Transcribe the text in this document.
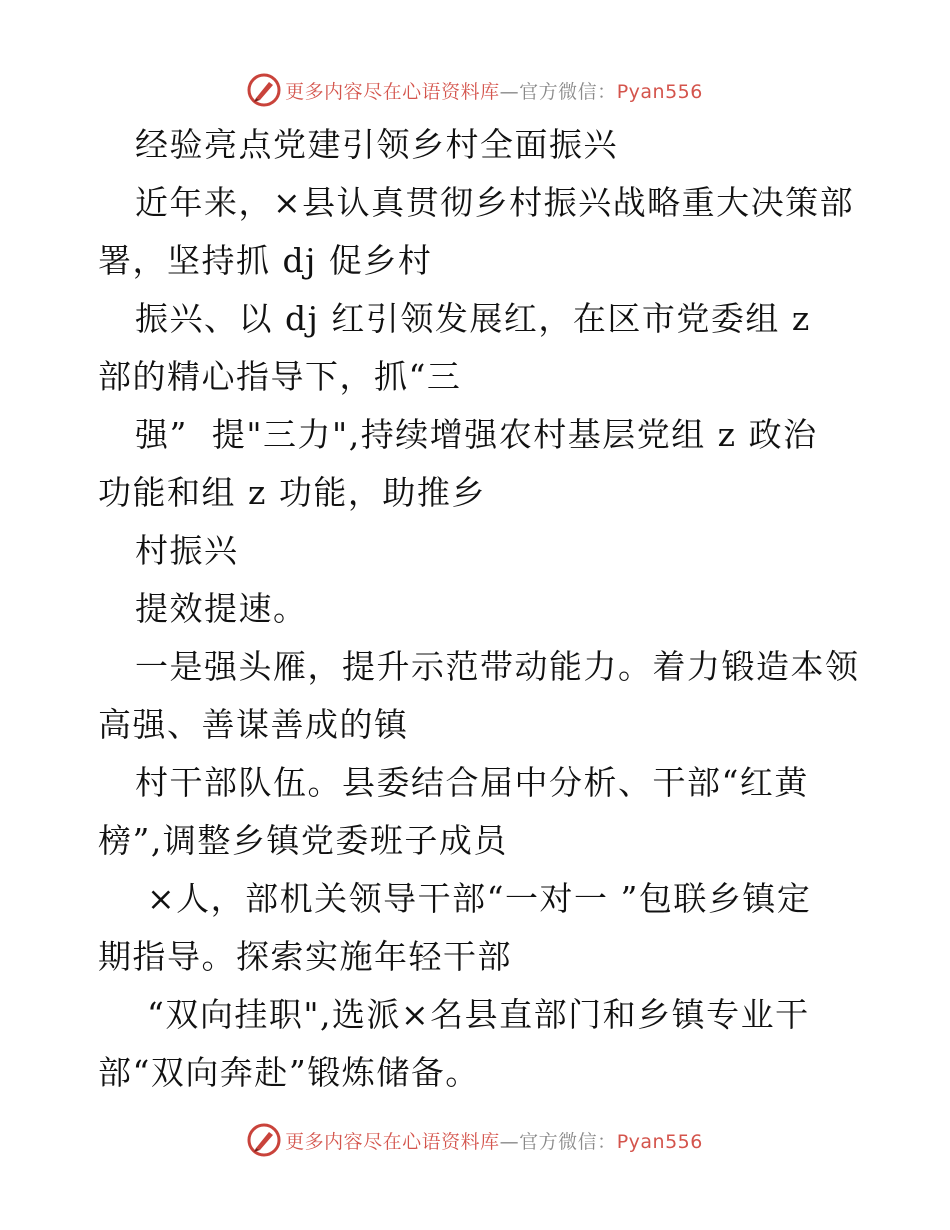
更多内容尽在心语资料库—官方微信：Pyan556
经验亮点党建引领乡村全面振兴
近年来，×县认真贯彻乡村振兴战略重大决策部
署，坚持抓 dj 促乡村
振兴、以 dj 红引领发展红，在区市党委组 z
部的精心指导下，抓“三
强”  提"三力",持续增强农村基层党组 z 政治
功能和组 z 功能，助推乡
村振兴
提效提速。
一是强头雁，提升示范带动能力。着力锻造本领
高强、善谋善成的镇
村干部队伍。县委结合届中分析、干部“红黄
榜”,调整乡镇党委班子成员
×人，部机关领导干部“一对一 ”包联乡镇定
期指导。探索实施年轻干部
“双向挂职",选派×名县直部门和乡镇专业干
部“双向奔赴”锻炼储备。
更多内容尽在心语资料库—官方微信：Pyan556
